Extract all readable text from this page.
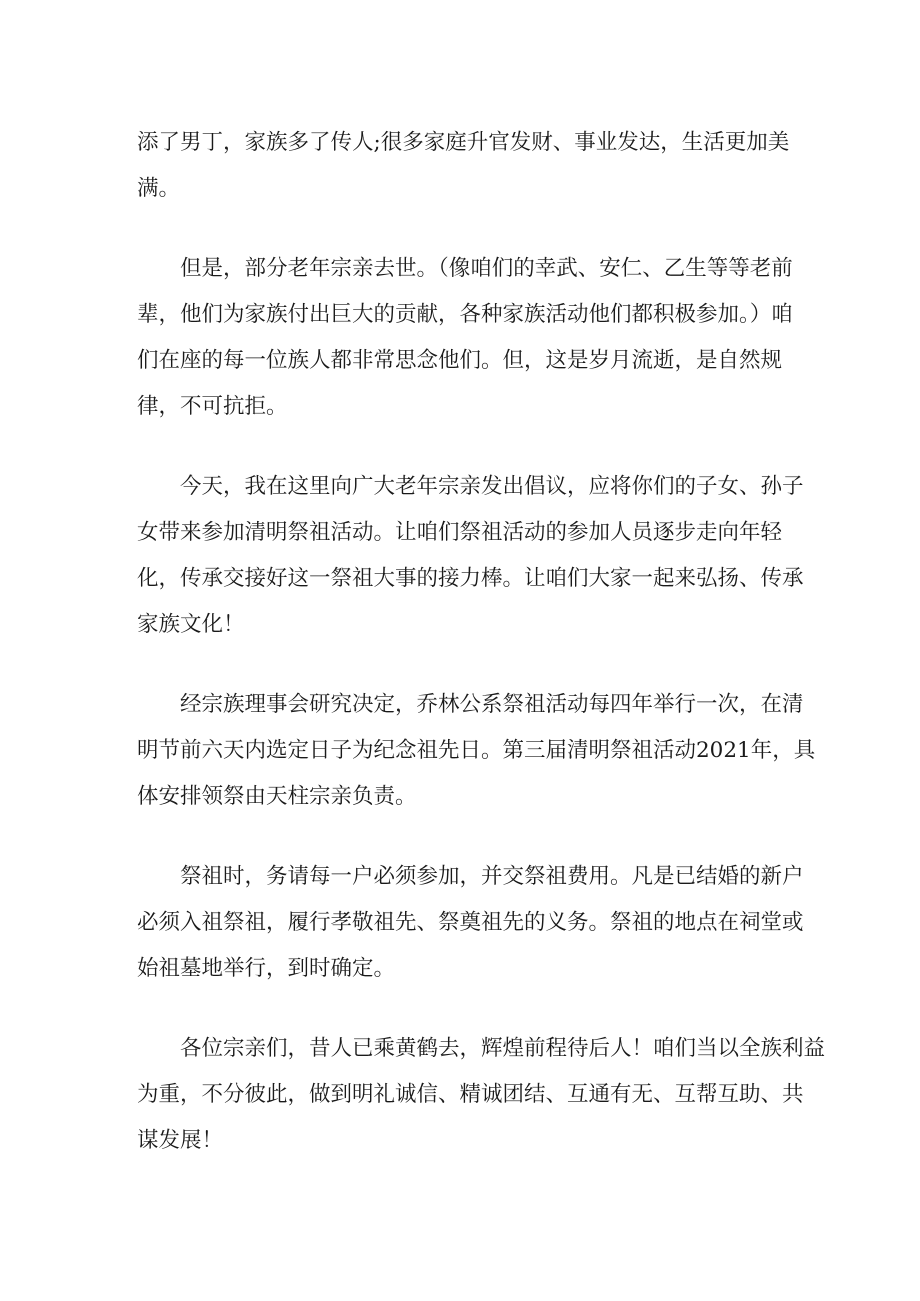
添了男丁，家族多了传人;很多家庭升官发财、事业发达，生活更加美
满。
　　但是，部分老年宗亲去世。（像咱们的幸武、安仁、乙生等等老前
辈，他们为家族付出巨大的贡献，各种家族活动他们都积极参加。）咱
们在座的每一位族人都非常思念他们。但，这是岁月流逝，是自然规
律，不可抗拒。
　　今天，我在这里向广大老年宗亲发出倡议，应将你们的子女、孙子
女带来参加清明祭祖活动。让咱们祭祖活动的参加人员逐步走向年轻
化，传承交接好这一祭祖大事的接力棒。让咱们大家一起来弘扬、传承
家族文化！
　　经宗族理事会研究决定，乔林公系祭祖活动每四年举行一次，在清
明节前六天内选定日子为纪念祖先日。第三届清明祭祖活动2021年，具
体安排领祭由天柱宗亲负责。
　　祭祖时，务请每一户必须参加，并交祭祖费用。凡是已结婚的新户
必须入祖祭祖，履行孝敬祖先、祭奠祖先的义务。祭祖的地点在祠堂或
始祖墓地举行，到时确定。
　　各位宗亲们，昔人已乘黄鹤去，辉煌前程待后人！咱们当以全族利益
为重，不分彼此，做到明礼诚信、精诚团结、互通有无、互帮互助、共
谋发展！
